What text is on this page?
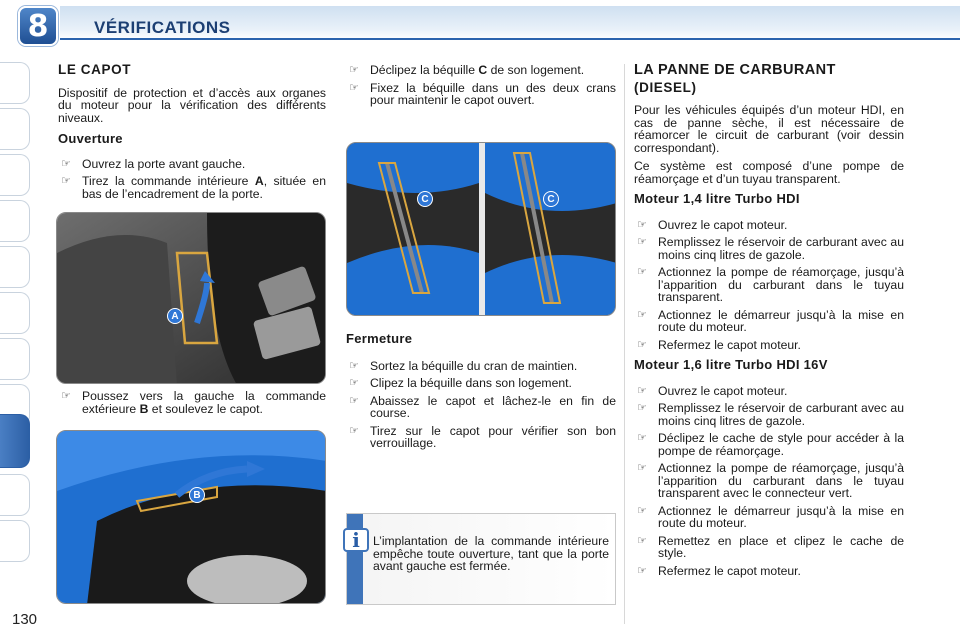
8	VÉRIFICATIONS
130
LE CAPOT

Dispositif de protection et d’accès aux organes du moteur pour la vérification des différents niveaux.

Ouverture
☞ Ouvrez la porte avant gauche.
☞ Tirez la commande intérieure A, située en bas de l’encadrement de la porte.
A
☞ Poussez vers la gauche la commande extérieure B et soulevez le capot.
B
☞ Déclipez la béquille C de son logement.
☞ Fixez la béquille dans un des deux crans pour maintenir le capot ouvert.
C	C
Fermeture
☞ Sortez la béquille du cran de maintien.
☞ Clipez la béquille dans son logement.
☞ Abaissez le capot et lâchez-le en fin de course.
☞ Tirez sur le capot pour vérifier son bon verrouillage.
i	L’implantation de la commande intérieure empêche toute ouverture, tant que la porte avant gauche est fermée.
LA PANNE DE CARBURANT
(DIESEL)

Pour les véhicules équipés d’un moteur HDI, en cas de panne sèche, il est nécessaire de réamorcer le circuit de carburant (voir dessin correspondant).

Ce système est composé d’une pompe de réamorçage et d’un tuyau transparent.

Moteur 1,4 litre Turbo HDI
☞ Ouvrez le capot moteur.
☞ Remplissez le réservoir de carburant avec au moins cinq litres de gazole.
☞ Actionnez la pompe de réamorçage, jusqu’à l’apparition du carburant dans le tuyau transparent.
☞ Actionnez le démarreur jusqu’à la mise en route du moteur.
☞ Refermez le capot moteur.
Moteur 1,6 litre Turbo HDI 16V
☞ Ouvrez le capot moteur.
☞ Remplissez le réservoir de carburant avec au moins cinq litres de gazole.
☞ Déclipez le cache de style pour accéder à la pompe de réamorçage.
☞ Actionnez la pompe de réamorçage, jusqu’à l’apparition du carburant dans le tuyau transparent avec le connecteur vert.
☞ Actionnez le démarreur jusqu’à la mise en route du moteur.
☞ Remettez en place et clipez le cache de style.
☞ Refermez le capot moteur.
